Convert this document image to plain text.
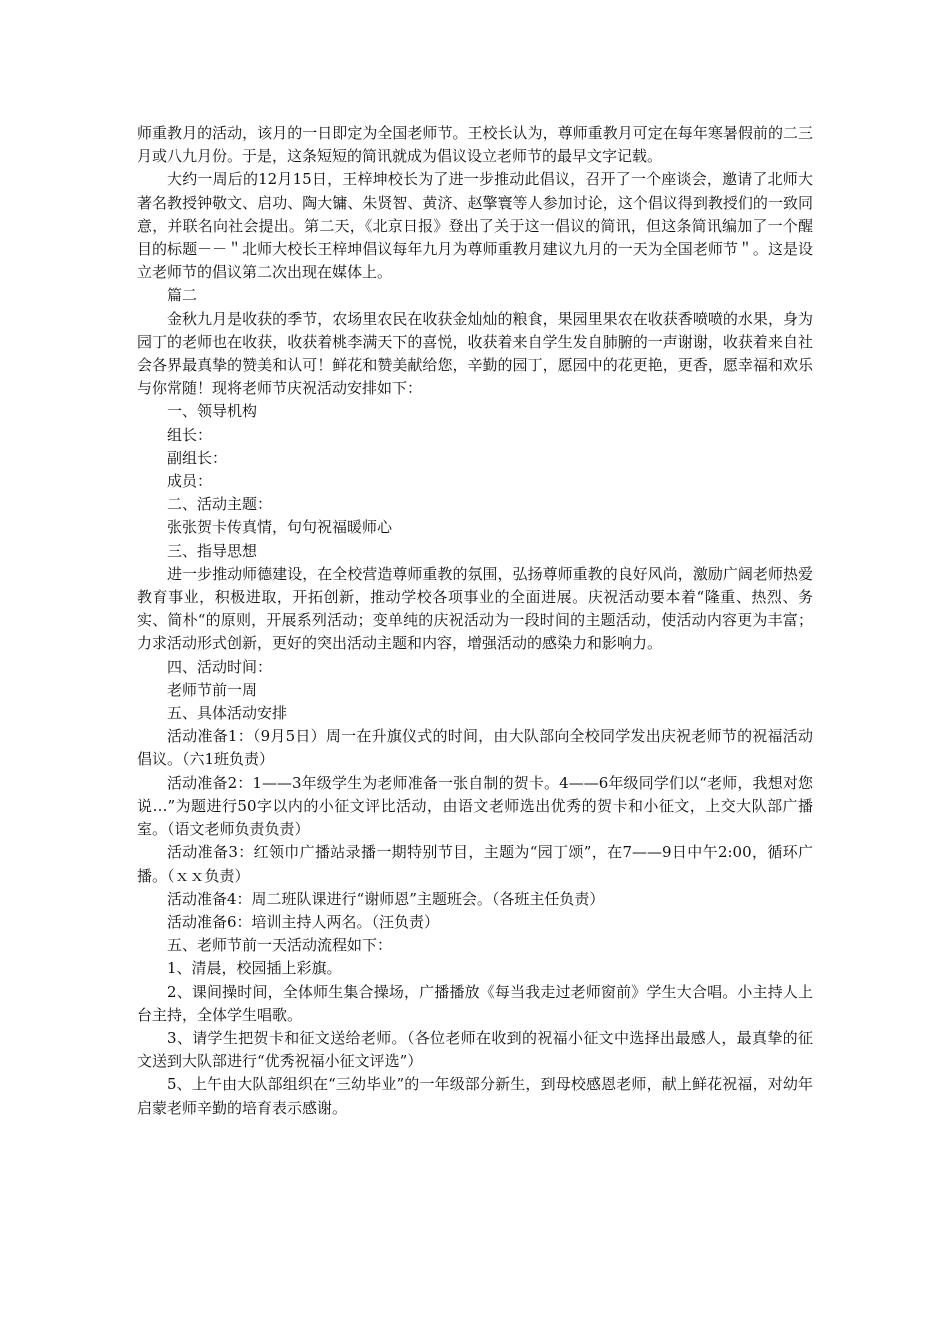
师重教月的活动，该月的一日即定为全国老师节。王校长认为，尊师重教月可定在每年寒暑假前的二三月或八九月份。于是，这条短短的简讯就成为倡议设立老师节的最早文字记载。

大约一周后的12月15日，王梓坤校长为了进一步推动此倡议，召开了一个座谈会，邀请了北师大著名教授钟敬文、启功、陶大镛、朱贤智、黄济、赵擎寰等人参加讨论，这个倡议得到教授们的一致同意，并联名向社会提出。第二天，《北京日报》登出了关于这一倡议的简讯，但这条简讯编加了一个醒目的标题－－＂北师大校长王梓坤倡议每年九月为尊师重教月建议九月的一天为全国老师节＂。这是设立老师节的倡议第二次出现在媒体上。

篇二

金秋九月是收获的季节，农场里农民在收获金灿灿的粮食，果园里果农在收获香喷喷的水果，身为园丁的老师也在收获，收获着桃李满天下的喜悦，收获着来自学生发自肺腑的一声谢谢，收获着来自社会各界最真挚的赞美和认可！鲜花和赞美献给您，辛勤的园丁，愿园中的花更艳，更香，愿幸福和欢乐与你常随！现将老师节庆祝活动安排如下：

一、领导机构

组长：

副组长：

成员：

二、活动主题：

张张贺卡传真情，句句祝福暖师心

三、指导思想

进一步推动师德建设，在全校营造尊师重教的氛围，弘扬尊师重教的良好风尚，激励广阔老师热爱教育事业，积极进取，开拓创新，推动学校各项事业的全面进展。庆祝活动要本着“隆重、热烈、务实、简朴“的原则，开展系列活动；变单纯的庆祝活动为一段时间的主题活动，使活动内容更为丰富；力求活动形式创新，更好的突出活动主题和内容，增强活动的感染力和影响力。

四、活动时间：

老师节前一周

五、具体活动安排

活动准备1：（9月5日）周一在升旗仪式的时间，由大队部向全校同学发出庆祝老师节的祝福活动倡议。（六1班负责）

活动准备2：1——3年级学生为老师准备一张自制的贺卡。4——6年级同学们以“老师，我想对您说…”为题进行50字以内的小征文评比活动，由语文老师选出优秀的贺卡和小征文，上交大队部广播室。（语文老师负责负责）

活动准备3：红领巾广播站录播一期特别节目，主题为“园丁颂”，在7——9日中午2:00，循环广播。（ｘｘ负责）

活动准备4：周二班队课进行“谢师恩”主题班会。（各班主任负责）

活动准备6：培训主持人两名。（汪负责）

五、老师节前一天活动流程如下：

1、清晨，校园插上彩旗。

2、课间操时间，全体师生集合操场，广播播放《每当我走过老师窗前》学生大合唱。小主持人上台主持，全体学生唱歌。

3、请学生把贺卡和征文送给老师。（各位老师在收到的祝福小征文中选择出最感人，最真挚的征文送到大队部进行“优秀祝福小征文评选”）

5、上午由大队部组织在“三幼毕业”的一年级部分新生，到母校感恩老师，献上鲜花祝福，对幼年启蒙老师辛勤的培育表示感谢。
